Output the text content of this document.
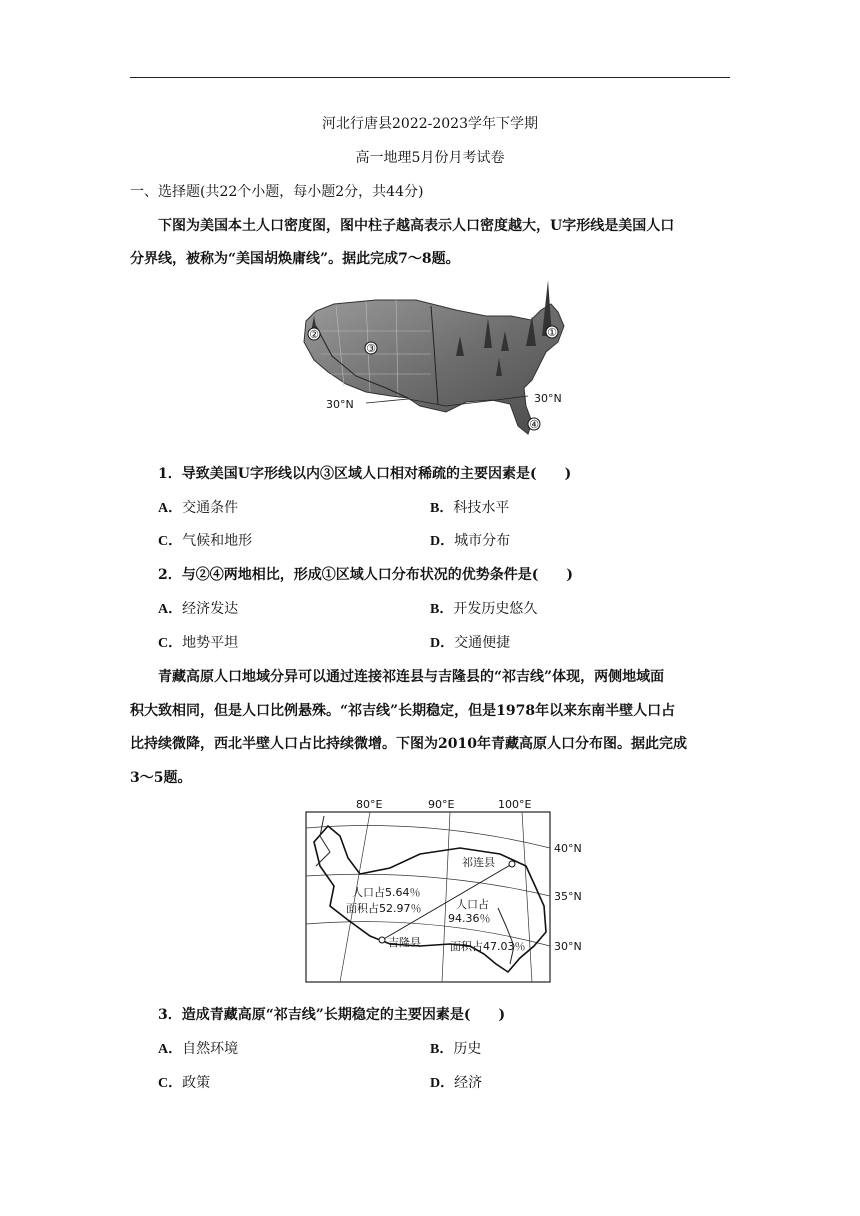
河北行唐县2022-2023学年下学期
高一地理5月份月考试卷
一、选择题(共22个小题，每小题2分，共44分)
下图为美国本土人口密度图，图中柱子越高表示人口密度越大，U字形线是美国人口
分界线，被称为“美国胡焕庸线”。据此完成7～8题。
②
③
①
④
30°N	30°N
1．导致美国U字形线以内③区域人口相对稀疏的主要因素是(　　)
A．交通条件	B．科技水平
C．气候和地形	D．城市分布
2．与②④两地相比，形成①区域人口分布状况的优势条件是(　　)
A．经济发达	B．开发历史悠久
C．地势平坦	D．交通便捷
青藏高原人口地域分异可以通过连接祁连县与吉隆县的“祁吉线”体现，两侧地域面
积大致相同，但是人口比例悬殊。“祁吉线”长期稳定，但是1978年以来东南半壁人口占
比持续微降，西北半壁人口占比持续微增。下图为2010年青藏高原人口分布图。据此完成
3～5题。
80°E	90°E	100°E
40°N
35°N
30°N
祁连县
吉隆县
人口占5.64％
面积占52.97％	人口占
94.36％
面积占47.03％
3．造成青藏高原“祁吉线”长期稳定的主要因素是(　　)
A．自然环境	B．历史
C．政策	D．经济
